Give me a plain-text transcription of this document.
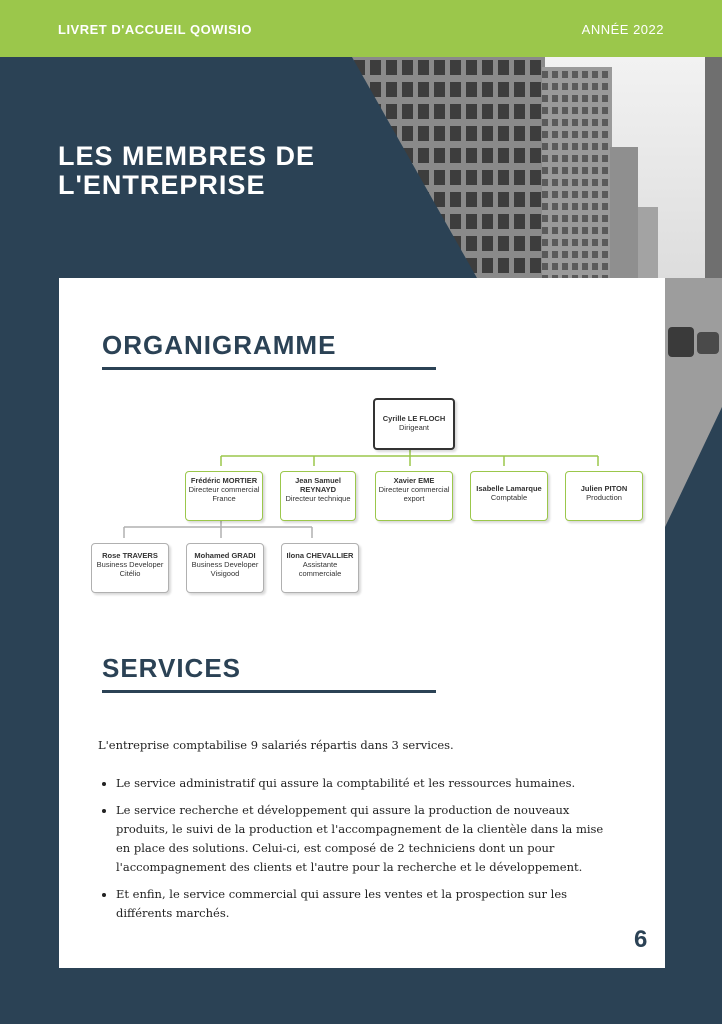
LIVRET D'ACCUEIL QOWISIO	ANNÉE 2022
LES MEMBRES DE L'ENTREPRISE
ORGANIGRAMME
SERVICES
L'entreprise comptabilise 9 salariés répartis dans 3 services.
• Le service administratif qui assure la comptabilité et les ressources humaines.
• Le service recherche et développement qui assure la production de nouveaux produits, le suivi de la production et l'accompagnement de la clientèle dans la mise en place des solutions. Celui-ci, est composé de 2 techniciens dont un pour l'accompagnement des clients et l'autre pour la recherche et le développement.
• Et enfin, le service commercial qui assure les ventes et la prospection sur les différents marchés.
6
Cyrille LE FLOCH
Dirigeant
Frédéric MORTIER
Directeur commercial France
Jean Samuel REYNAYD
Directeur technique
Xavier EME
Directeur commercial export
Isabelle Lamarque
Comptable
Julien PITON
Production
Rose TRAVERS
Business Developer Citélio
Mohamed GRADI
Business Developer Visigood
Ilona CHEVALLIER
Assistante commerciale
